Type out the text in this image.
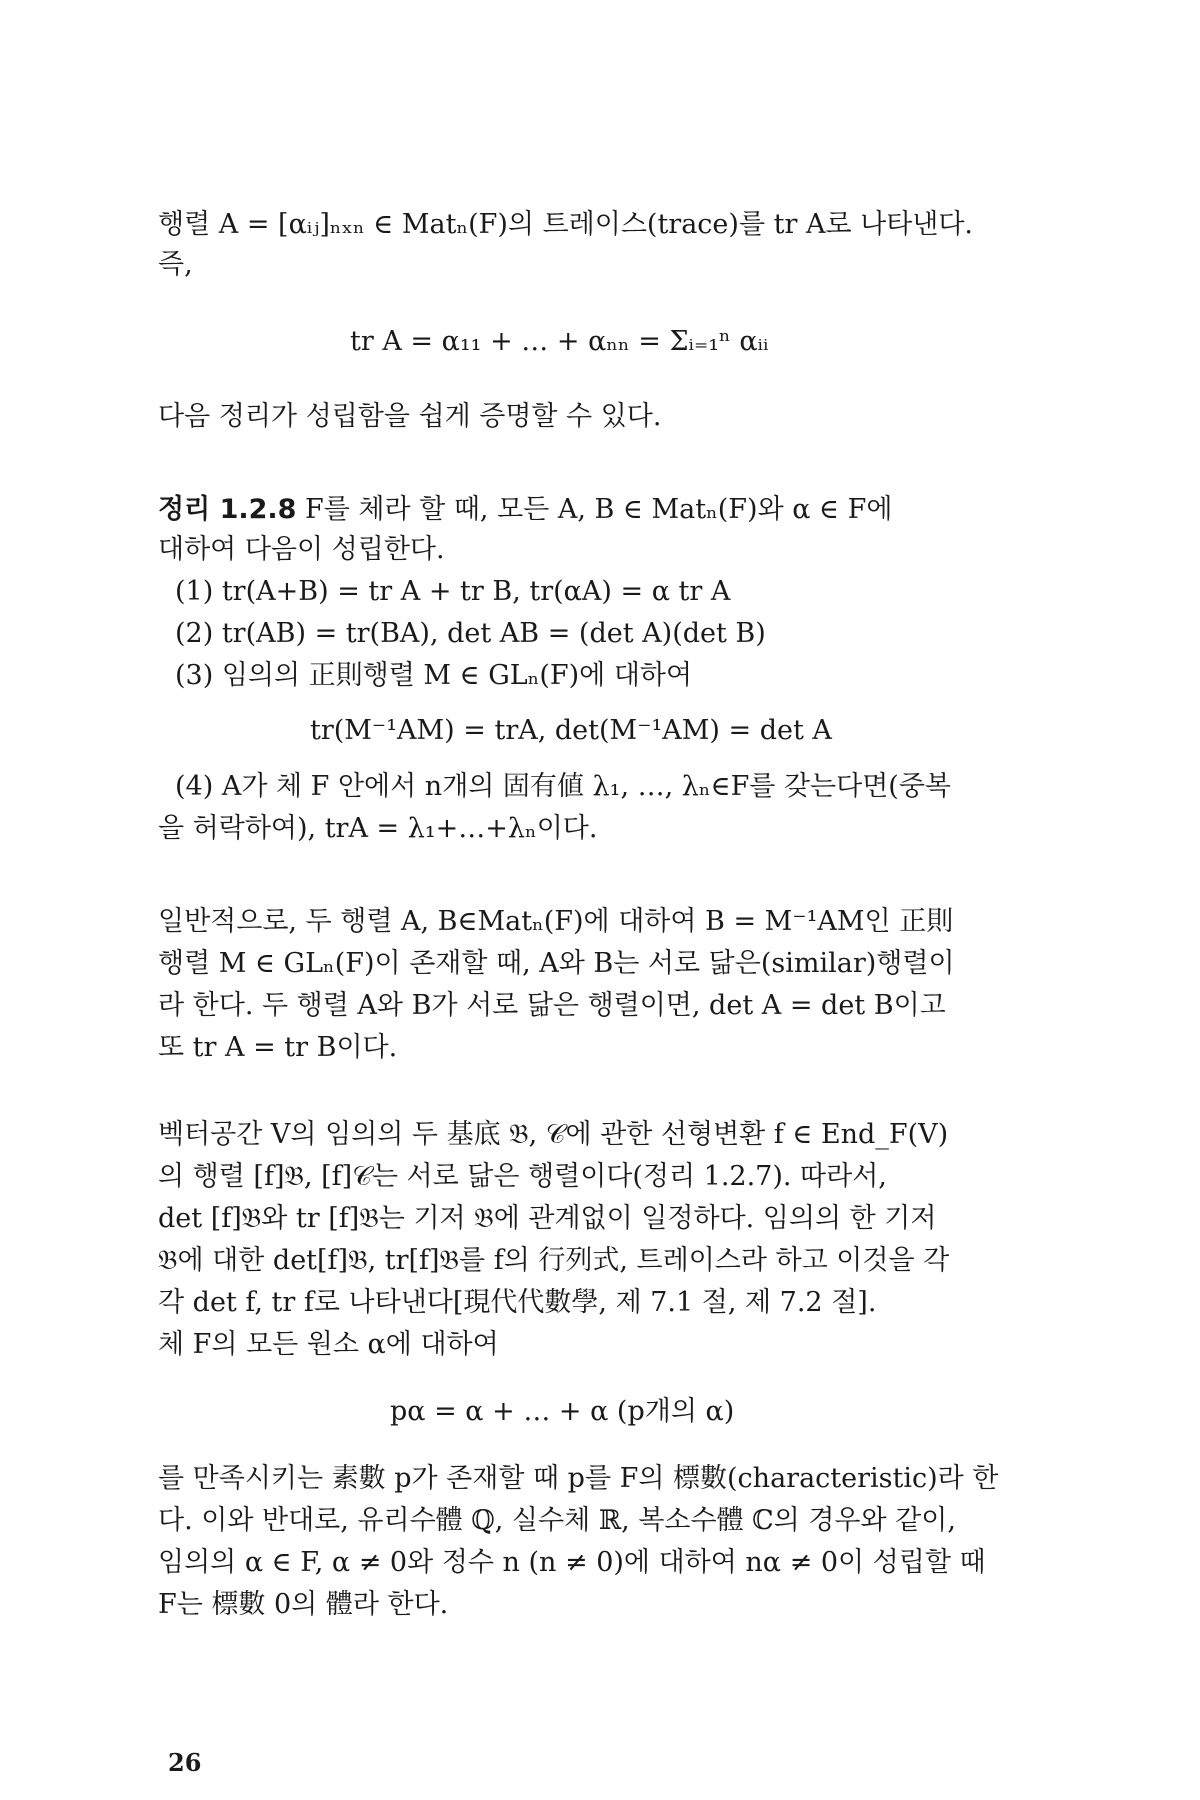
행렬 A = [αᵢⱼ]ₙₓₙ ∈ Matₙ(F)의 트레이스(trace)를 tr A로 나타낸다.
즉,
tr A = α₁₁ + … + αₙₙ = Σᵢ₌₁ⁿ αᵢᵢ
다음 정리가 성립함을 쉽게 증명할 수 있다.
정리 1.2.8 F를 체라 할 때, 모든 A, B ∈ Matₙ(F)와 α ∈ F에
대하여 다음이 성립한다.
(1) tr(A+B) = tr A + tr B, tr(αA) = α tr A
(2) tr(AB) = tr(BA), det AB = (det A)(det B)
(3) 임의의 正則행렬 M ∈ GLₙ(F)에 대하여
tr(M⁻¹AM) = trA, det(M⁻¹AM) = det A
(4) A가 체 F 안에서 n개의 固有値 λ₁, …, λₙ∈F를 갖는다면(중복
을 허락하여), trA = λ₁+…+λₙ이다.
일반적으로, 두 행렬 A, B∈Matₙ(F)에 대하여 B = M⁻¹AM인 正則
행렬 M ∈ GLₙ(F)이 존재할 때, A와 B는 서로 닮은(similar)행렬이
라 한다. 두 행렬 A와 B가 서로 닮은 행렬이면, det A = det B이고
또 tr A = tr B이다.
벡터공간 V의 임의의 두 基底 𝔅, 𝒞에 관한 선형변환 f ∈ End_F(V)
의 행렬 [f]𝔅, [f]𝒞는 서로 닮은 행렬이다(정리 1.2.7). 따라서,
det [f]𝔅와 tr [f]𝔅는 기저 𝔅에 관계없이 일정하다. 임의의 한 기저
𝔅에 대한 det[f]𝔅, tr[f]𝔅를 f의 行列式, 트레이스라 하고 이것을 각
각 det f, tr f로 나타낸다[現代代數學, 제 7.1 절, 제 7.2 절].
체 F의 모든 원소 α에 대하여
pα = α + … + α (p개의 α)
를 만족시키는 素數 p가 존재할 때 p를 F의 標數(characteristic)라 한
다. 이와 반대로, 유리수體 ℚ, 실수체 ℝ, 복소수體 ℂ의 경우와 같이,
임의의 α ∈ F, α ≠ 0와 정수 n (n ≠ 0)에 대하여 nα ≠ 0이 성립할 때
F는 標數 0의 體라 한다.
26
